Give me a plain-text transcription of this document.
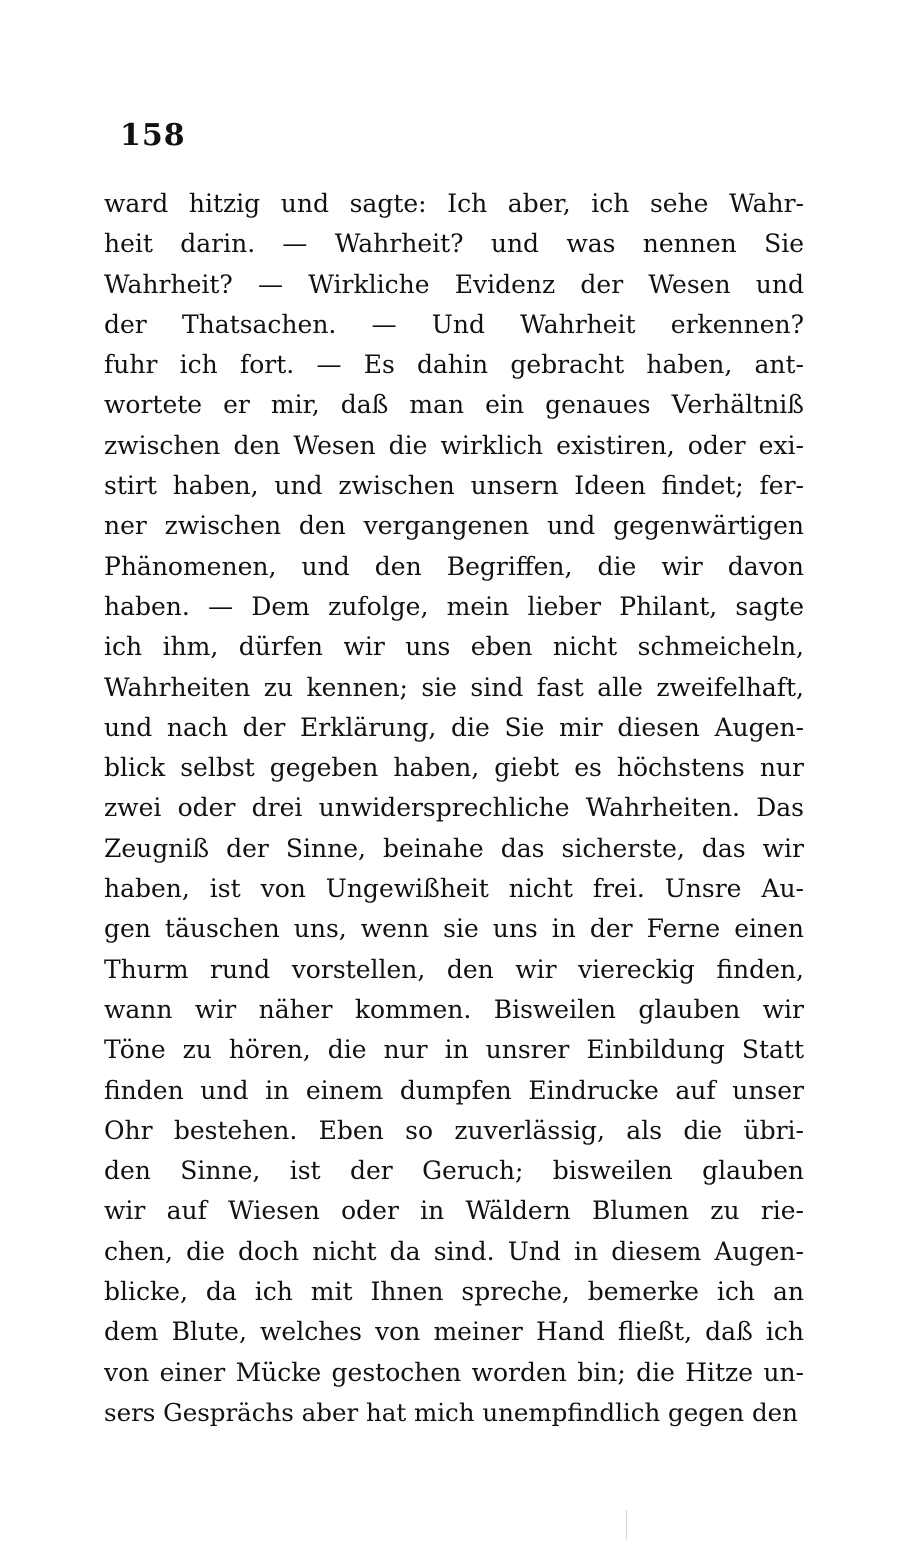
158
ward hitzig und sagte: Ich aber, ich sehe Wahr-
heit darin. — Wahrheit? und was nennen Sie
Wahrheit? — Wirkliche Evidenz der Wesen und
der Thatsachen. — Und Wahrheit erkennen?
fuhr ich fort. — Es dahin gebracht haben, ant-
wortete er mir, daß man ein genaues Verhältniß
zwischen den Wesen die wirklich existiren, oder exi-
stirt haben, und zwischen unsern Ideen findet; fer-
ner zwischen den vergangenen und gegenwärtigen
Phänomenen, und den Begriffen, die wir davon
haben. — Dem zufolge, mein lieber Philant, sagte
ich ihm, dürfen wir uns eben nicht schmeicheln,
Wahrheiten zu kennen; sie sind fast alle zweifelhaft,
und nach der Erklärung, die Sie mir diesen Augen-
blick selbst gegeben haben, giebt es höchstens nur
zwei oder drei unwidersprechliche Wahrheiten. Das
Zeugniß der Sinne, beinahe das sicherste, das wir
haben, ist von Ungewißheit nicht frei. Unsre Au-
gen täuschen uns, wenn sie uns in der Ferne einen
Thurm rund vorstellen, den wir viereckig finden,
wann wir näher kommen. Bisweilen glauben wir
Töne zu hören, die nur in unsrer Einbildung Statt
finden und in einem dumpfen Eindrucke auf unser
Ohr bestehen. Eben so zuverlässig, als die übri-
den Sinne, ist der Geruch; bisweilen glauben
wir auf Wiesen oder in Wäldern Blumen zu rie-
chen, die doch nicht da sind. Und in diesem Augen-
blicke, da ich mit Ihnen spreche, bemerke ich an
dem Blute, welches von meiner Hand fließt, daß ich
von einer Mücke gestochen worden bin; die Hitze un-
sers Gesprächs aber hat mich unempfindlich gegen den
